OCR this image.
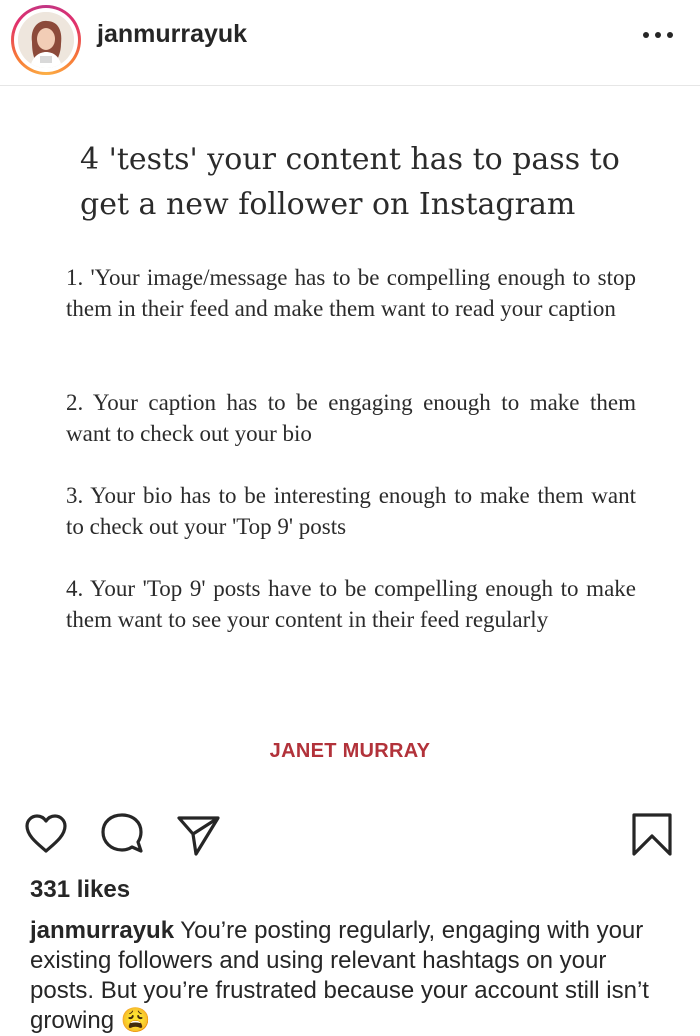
janmurrayuk
4 'tests' your content has to pass to get a new follower on Instagram

1. 'Your image/message has to be compelling enough to stop them in their feed and make them want to read your caption

2. Your caption has to be engaging enough to make them want to check out your bio

3. Your bio has to be interesting enough to make them want to check out your 'Top 9' posts

4. Your 'Top 9' posts have to be compelling enough to make them want to see your content in their feed regularly

JANET MURRAY
331 likes

janmurrayuk You’re posting regularly, engaging with your existing followers and using relevant hashtags on your posts. But you’re frustrated because your account still isn’t growing 😩
